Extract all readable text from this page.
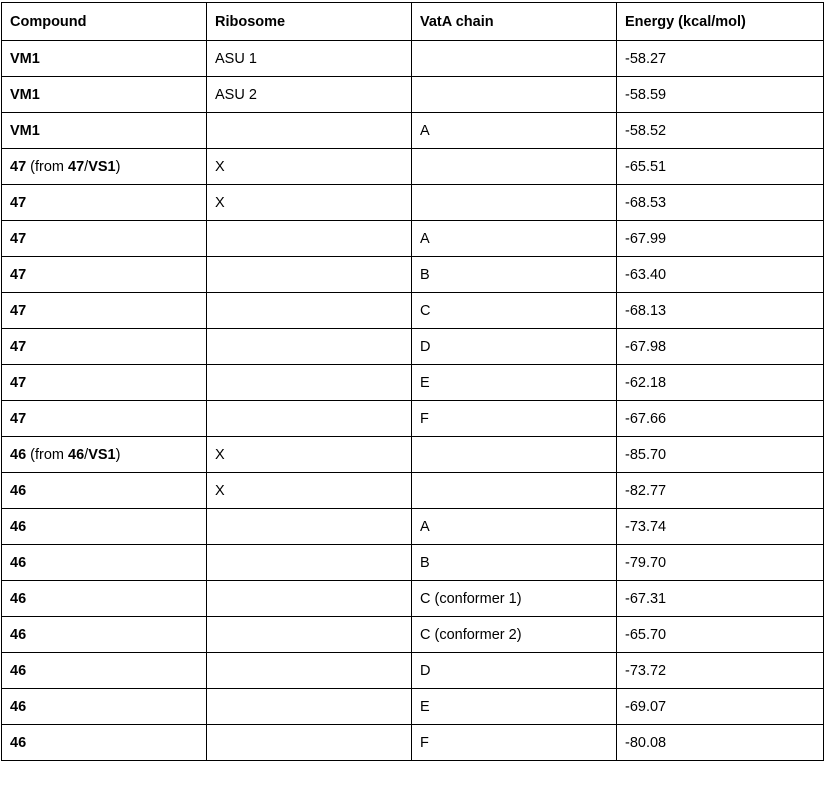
Compound	Ribosome	VatA chain	Energy (kcal/mol)
VM1	ASU 1		-58.27
VM1	ASU 2		-58.59
VM1		A	-58.52
47 (from 47/VS1)	X		-65.51
47	X		-68.53
47		A	-67.99
47		B	-63.40
47		C	-68.13
47		D	-67.98
47		E	-62.18
47		F	-67.66
46 (from 46/VS1)	X		-85.70
46	X		-82.77
46		A	-73.74
46		B	-79.70
46		C (conformer 1)	-67.31
46		C (conformer 2)	-65.70
46		D	-73.72
46		E	-69.07
46		F	-80.08
